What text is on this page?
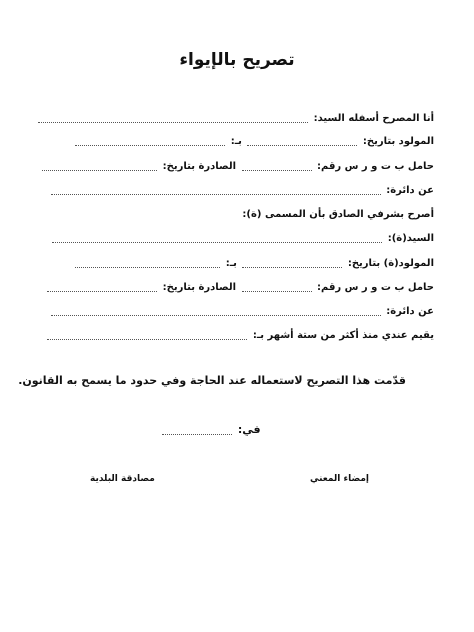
تصريح بالإيواء
أنا المصرح أسفله السيد:
المولود بتاريخ:  بـ:
حامل ب ت و ر س رقم:  الصادرة بتاريخ:
عن دائرة:
أصرح بشرفي الصادق بأن المسمى (ة):
السيد(ة):
المولود(ة) بتاريخ:  بـ:
حامل ب ت و ر س رقم:  الصادرة بتاريخ:
عن دائرة:
يقيم عندي منذ أكثر من ستة أشهر بـ:
قدّمت هذا التصريح لاستعماله عند الحاجة وفي حدود ما يسمح به القانون.
في:
إمضاء المعني
مصادقة البلدية
